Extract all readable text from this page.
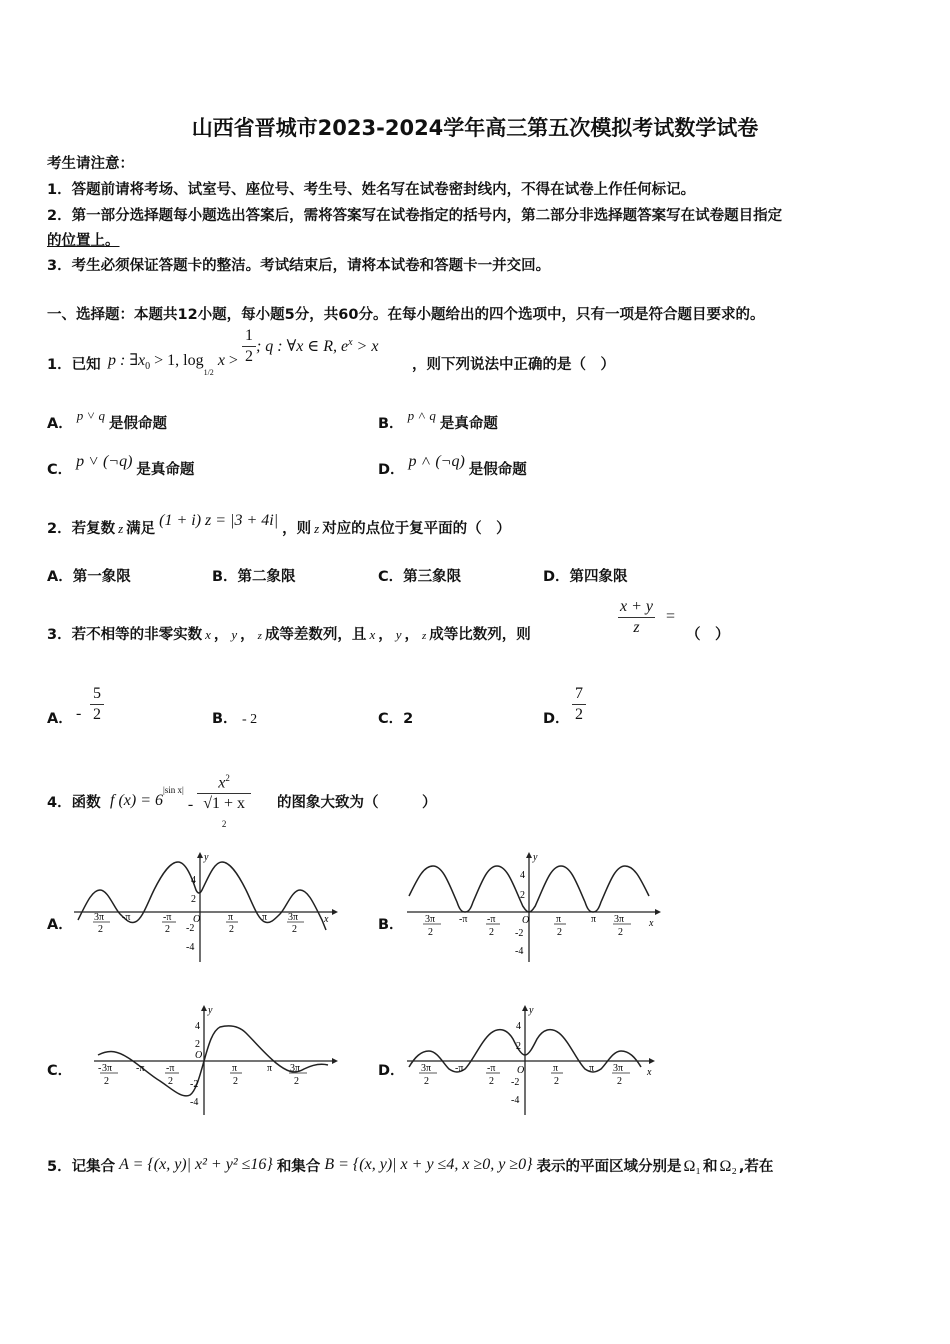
山西省晋城市2023-2024学年高三第五次模拟考试数学试卷
考生请注意：
1．答题前请将考场、试室号、座位号、考生号、姓名写在试卷密封线内，不得在试卷上作任何标记。
2．第一部分选择题每小题选出答案后，需将答案写在试卷指定的括号内，第二部分非选择题答案写在试卷题目指定
的位置上。
3．考生必须保证答题卡的整洁。考试结束后，请将本试卷和答题卡一并交回。
一、选择题：本题共12小题，每小题5分，共60分。在每小题给出的四个选项中，只有一项是符合题目要求的。
1．已知 p : $\exists x_0 > 1$, log1/2 $x > \frac{1}{2}$ ; q : ∀x ∈ R, $e^x > x$
，则下列说法中正确的是（　）
A．p ˅ q是假命题	B．p ˄ q是真命题
C． p ˅ (¬q) 是真命题	D． p ˄ (¬q) 是假命题
2．若复数 z 满足 (1 + i) z = |3 + 4i| ，则 z 对应的点位于复平面的（　）
A．第一象限	B．第二象限	C．第三象限	D．第四象限
3．若不相等的非零实数 x ， y ， z 成等差数列，且 x ， y ， z 成等比数列，则	$\frac{x + y}{z}$ =
（　）
A． - $\frac{5}{2}$	B． - 2	C．2	D． $\frac{7}{2}$
4．函数 f $(x) = 6^{|sin x|} - x^2$
√1 + x
$^2$ 的图象大致为（　　　）
A．	B．
C．	D．
y
x
4
2
-2
-4
O
3π
2
-π	-π
2
π
2
π 3π
2
y
x
4
2
-2
-4
O
3π
2
-π -π
2
π
2
π 3π
2
y
4
2
-2
-4
O
- 3π
2
-π -π
2
π
2
π 3π
2
y
x
4
2
-2
-4
O
3π
2
-π -π
2
π
2
π 3π
2
5．记集合 A = {(x, y)| x² + y² ≤16} 和集合 B = {(x, y)| x + y ≤4, x ≥0, y ≥0} 表示的平面区域分别是 Ω₁ 和 Ω₂ ,若在
